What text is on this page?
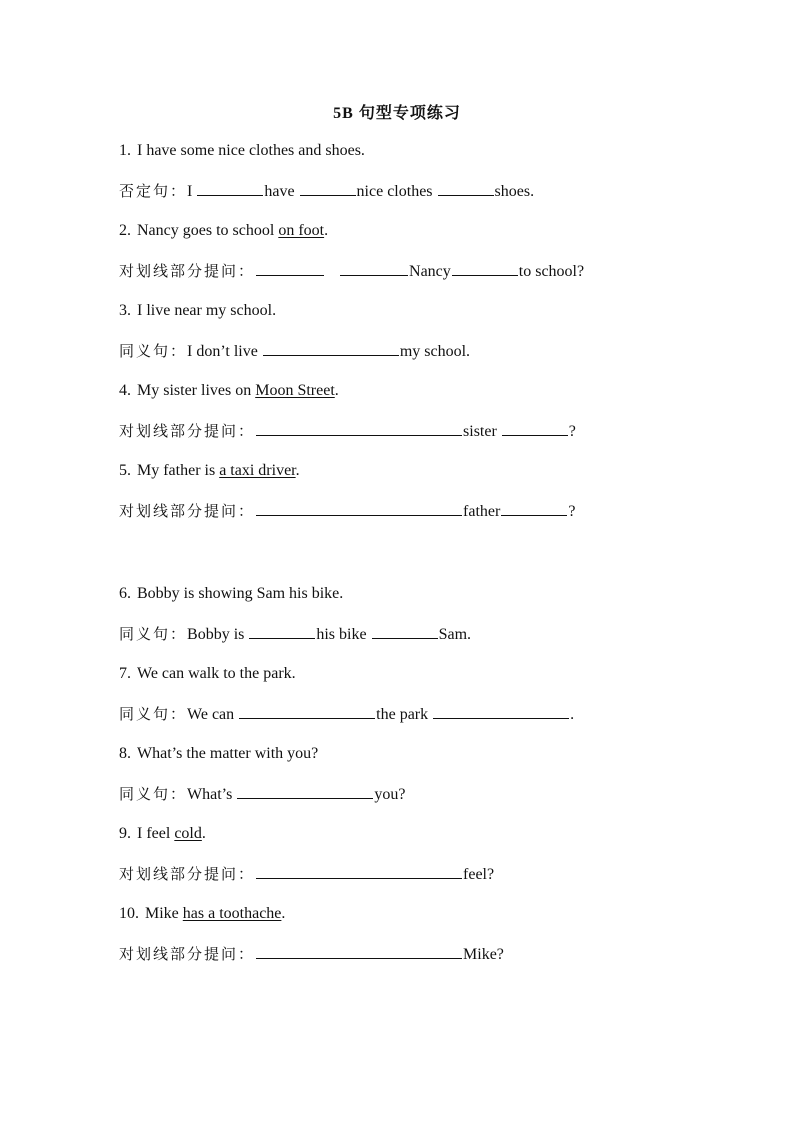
5B 句型专项练习
1. I have some nice clothes and shoes.
否定句：I	have	nice clothes	shoes.
2. Nancy goes to school on foot.
对划线部分提问：	Nancy	to school?
3. I live near my school.
同义句：I don’t live	my school.
4. My sister lives on Moon Street.
对划线部分提问：	sister	?
5. My father is a taxi driver.
对划线部分提问：	father	?
6. Bobby is showing Sam his bike.
同义句：Bobby is	his bike	Sam.
7. We can walk to the park.
同义句：We can	the park	.
8. What’s the matter with you?
同义句：What’s	you?
9. I feel cold.
对划线部分提问：	feel?
10. Mike has a toothache.
对划线部分提问：	Mike?
